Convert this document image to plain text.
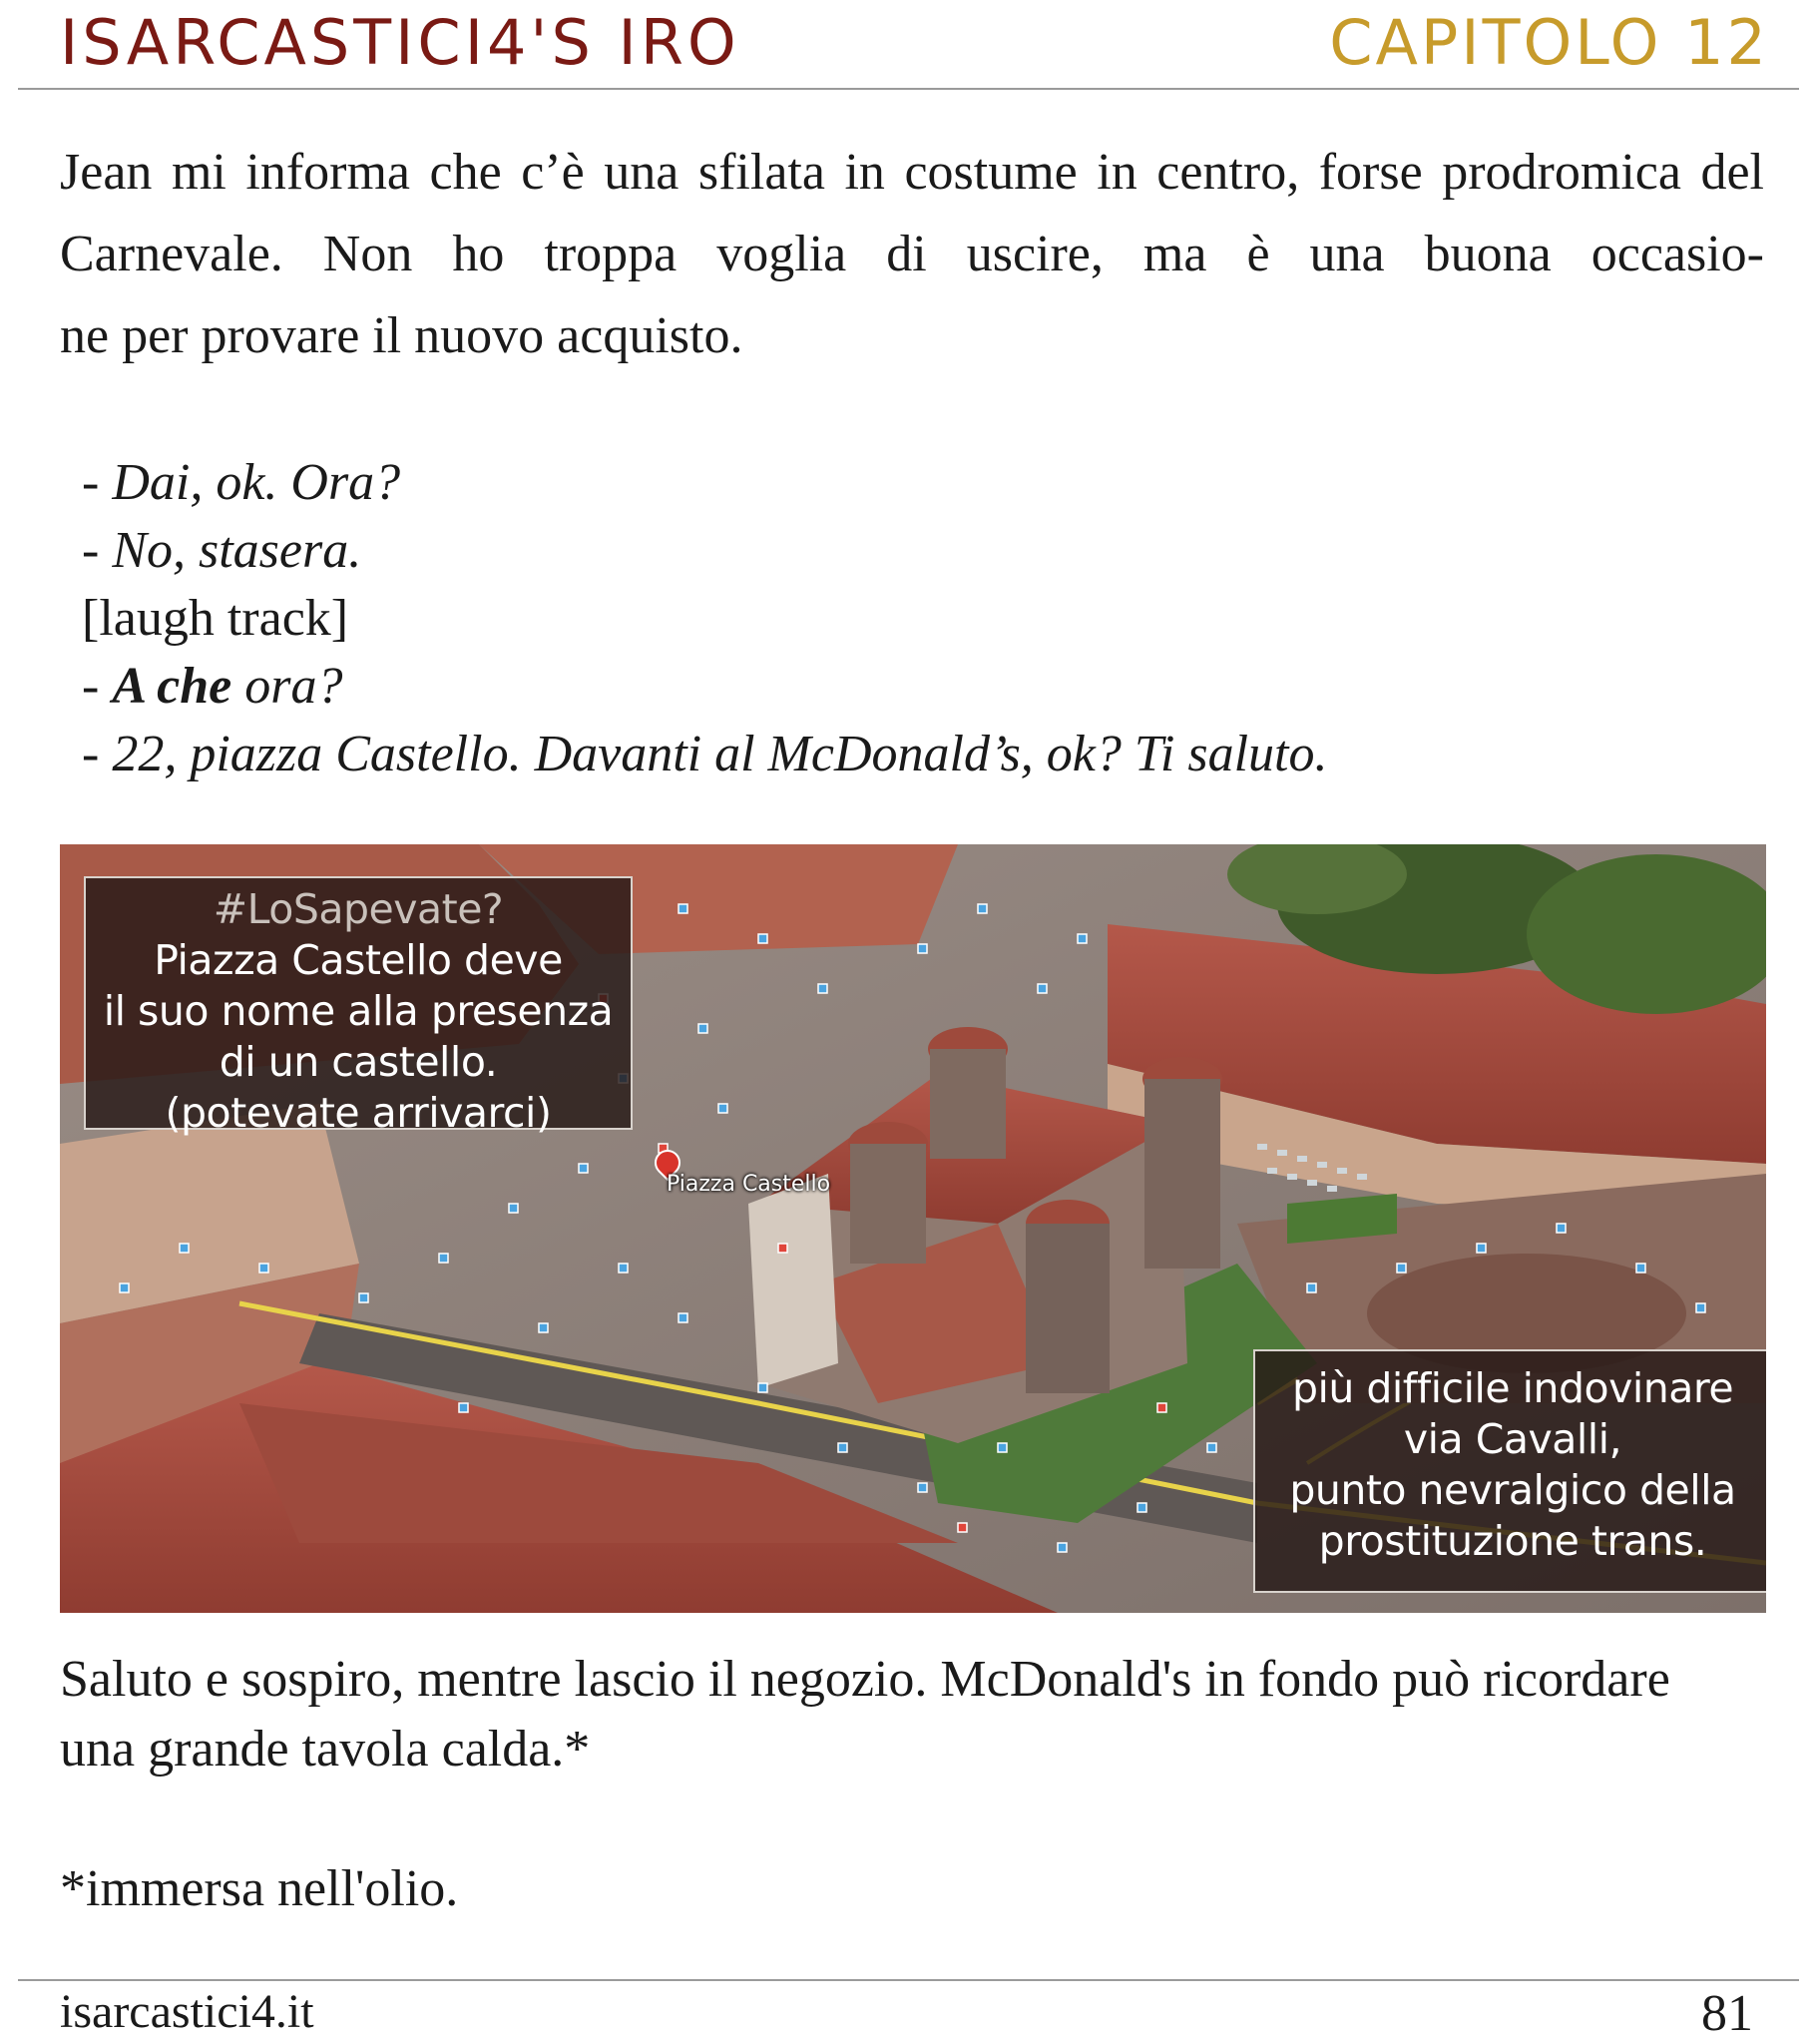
ISARCASTICI4'S IRO	CAPITOLO 12
Jean mi informa che c’è una sfilata in costume in centro, forse prodromica del
Carnevale. Non ho troppa voglia di uscire, ma è una buona occasio-
ne per provare il nuovo acquisto.
- Dai, ok. Ora?
- No, stasera.
[laugh track]
- A che ora?
- 22, piazza Castello. Davanti al McDonald’s, ok? Ti saluto.
Piazza Castello
#LoSapevate?
Piazza Castello deve
il suo nome alla presenza
di un castello.
(potevate arrivarci)
più difficile indovinare
via Cavalli,
punto nevralgico della
prostituzione trans.
Saluto e sospiro, mentre lascio il negozio. McDonald's in fondo può ricordare
una grande tavola calda.*
*immersa nell'olio.
isarcastici4.it	81
